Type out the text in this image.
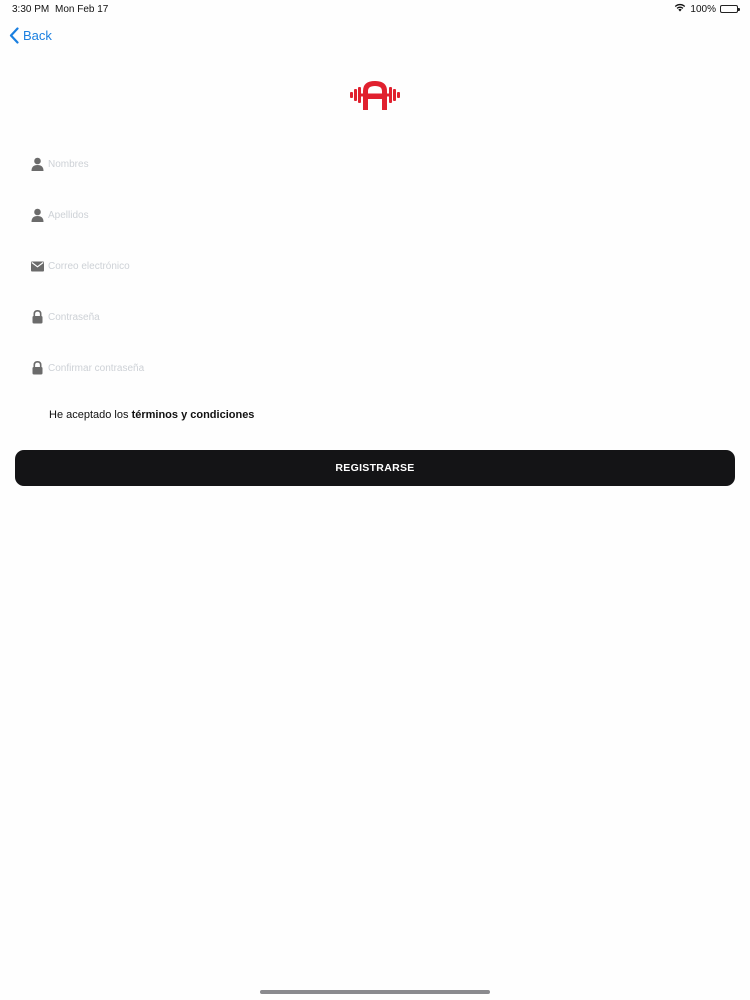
3:30 PM Mon Feb 17	100%
Back
Nombres
Apellidos
Correo electrónico
He aceptado los términos y condiciones
REGISTRARSE
